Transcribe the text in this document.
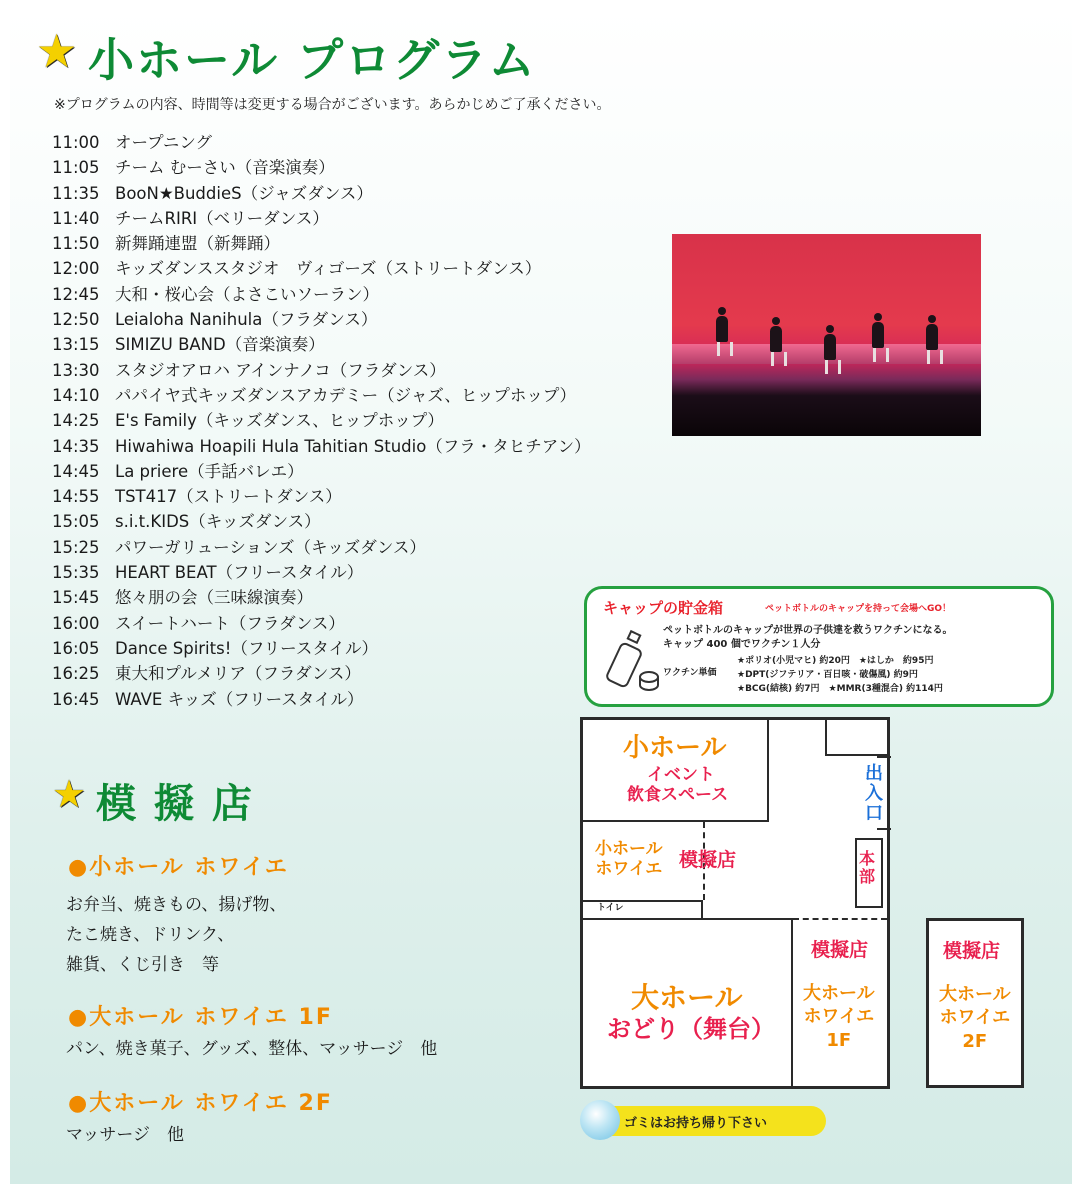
★ 小ホール プログラム
※プログラムの内容、時間等は変更する場合がございます。あらかじめご了承ください。
11:00 オープニング
11:05 チーム むーさい（音楽演奏）
11:35 BooN★BuddieS（ジャズダンス）
11:40 チームRIRI（ベリーダンス）
11:50 新舞踊連盟（新舞踊）
12:00 キッズダンススタジオ　ヴィゴーズ（ストリートダンス）
12:45 大和・桜心会（よさこいソーラン）
12:50 Leialoha Nanihula（フラダンス）
13:15 SIMIZU BAND（音楽演奏）
13:30 スタジオアロハ アインナノコ（フラダンス）
14:10 パパイヤ式キッズダンスアカデミー（ジャズ、ヒップホップ）
14:25 E's Family（キッズダンス、ヒップホップ）
14:35 Hiwahiwa Hoapili Hula Tahitian Studio（フラ・タヒチアン）
14:45 La priere（手話バレエ）
14:55 TST417（ストリートダンス）
15:05 s.i.t.KIDS（キッズダンス）
15:25 パワーガリューションズ（キッズダンス）
15:35 HEART BEAT（フリースタイル）
15:45 悠々朋の会（三味線演奏）
16:00 スイートハート（フラダンス）
16:05 Dance Spirits!（フリースタイル）
16:25 東大和プルメリア（フラダンス）
16:45 WAVE キッズ（フリースタイル）
キャップの貯金箱	ペットボトルのキャップを持って会場へGO！
ペットボトルのキャップが世界の子供達を救うワクチンになる。
キャップ 400 個でワクチン１人分
ワクチン単価
★ポリオ(小児マヒ) 約20円　★はしか　約95円
★DPT(ジフテリア・百日咳・破傷風) 約9円
★BCG(結核) 約7円　★MMR(3種混合) 約114円
★ 模 擬 店
●小ホール ホワイエ
お弁当、焼きもの、揚げ物、
たこ焼き、ドリンク、
雑貨、くじ引き　等
●大ホール ホワイエ 1F
パン、焼き菓子、グッズ、整体、マッサージ　他
●大ホール ホワイエ 2F
マッサージ　他
小ホール
イベント
飲食スペース
小ホール
ホワイエ 模擬店
出
入
口
本
部
トイレ
大ホール
おどり（舞台）
模擬店
大ホール
ホワイエ
1F
模擬店
大ホール
ホワイエ
2F
ゴミはお持ち帰り下さい
